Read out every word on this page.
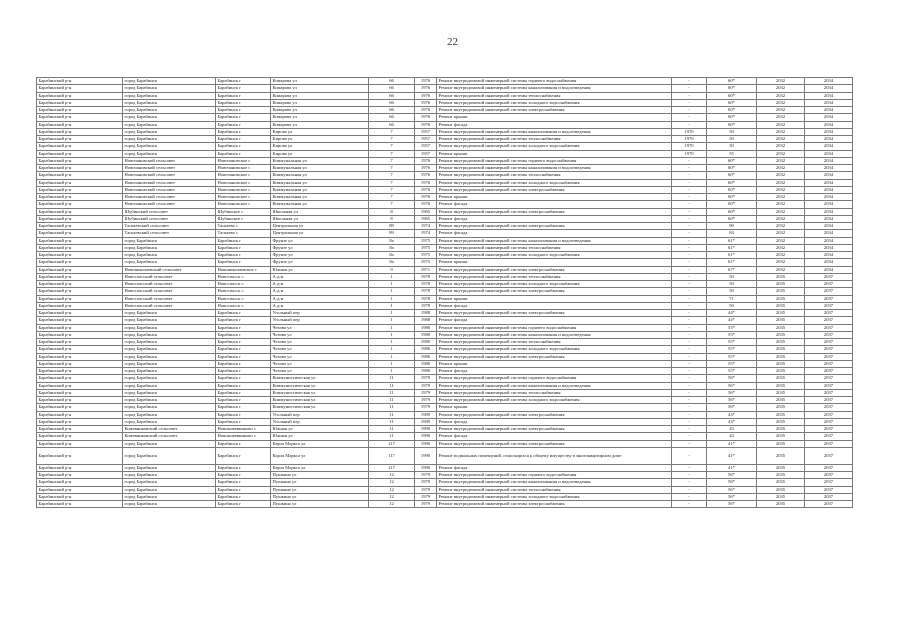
22
Барабинский р-н	город Барабинск	Барабинск г	Комарова ул	66	1976	Ремонт внутридомовой инженерной системы горячего водоснабжения	-	60*	2032	2034
Барабинский р-н	город Барабинск	Барабинск г	Комарова ул	66	1976	Ремонт внутридомовой инженерной системы канализования и водоотведения	-	60*	2032	2034
Барабинский р-н	город Барабинск	Барабинск г	Комарова ул	66	1976	Ремонт внутридомовой инженерной системы теплоснабжения	-	60*	2032	2034
Барабинский р-н	город Барабинск	Барабинск г	Комарова ул	66	1976	Ремонт внутридомовой инженерной системы холодного водоснабжения	-	60*	2032	2034
Барабинский р-н	город Барабинск	Барабинск г	Комарова ул	66	1976	Ремонт внутридомовой инженерной системы электроснабжения	-	60*	2032	2034
Барабинский р-н	город Барабинск	Барабинск г	Комарова ул	66	1976	Ремонт крыши	-	60*	2032	2034
Барабинский р-н	город Барабинск	Барабинск г	Комарова ул	66	1976	Ремонт фасада	-	60*	2032	2034
Барабинский р-н	город Барабинск	Барабинск г	Кирова ул	7	1957	Ремонт внутридомовой инженерной системы канализования и водоотведения	1970	50	2032	2034
Барабинский р-н	город Барабинск	Барабинск г	Кирова ул	7	1957	Ремонт внутридомовой инженерной системы теплоснабжения	1970	50	2032	2034
Барабинский р-н	город Барабинск	Барабинск г	Кирова ул	7	1957	Ремонт внутридомовой инженерной системы холодного водоснабжения	1970	50	2032	2034
Барабинский р-н	город Барабинск	Барабинск г	Кирова ул	7	1957	Ремонт крыши	1970	55	2032	2034
Барабинский р-н	Новочановский сельсовет	Новочановское с	Коммунальная ул	7	1976	Ремонт внутридомовой инженерной системы горячего водоснабжения	-	60*	2032	2034
Барабинский р-н	Новочановский сельсовет	Новочановское с	Коммунальная ул	7	1976	Ремонт внутридомовой инженерной системы канализования и водоотведения	-	60*	2032	2034
Барабинский р-н	Новочановский сельсовет	Новочановское с	Коммунальная ул	7	1976	Ремонт внутридомовой инженерной системы теплоснабжения	-	60*	2032	2034
Барабинский р-н	Новочановский сельсовет	Новочановское с	Коммунальная ул	7	1976	Ремонт внутридомовой инженерной системы холодного водоснабжения	-	60*	2032	2034
Барабинский р-н	Новочановский сельсовет	Новочановское с	Коммунальная ул	7	1976	Ремонт внутридомовой инженерной системы электроснабжения	-	60*	2032	2034
Барабинский р-н	Новочановский сельсовет	Новочановское с	Коммунальная ул	7	1976	Ремонт крыши	-	60*	2032	2034
Барабинский р-н	Новочановский сельсовет	Новочановское с	Коммунальная ул	7	1976	Ремонт фасада	-	60*	2032	2034
Барабинский р-н	Шубинский сельсовет	Шубинское с	Школьная ул	8	1965	Ремонт внутридомовой инженерной системы электроснабжения	-	60*	2032	2034
Барабинский р-н	Шубинский сельсовет	Шубинское с	Школьная ул	8	1965	Ремонт фасада	-	60*	2032	2034
Барабинский р-н	Таскаевский сельсовет	Таскаево с	Центральная ул	89	1974	Ремонт внутридомовой инженерной системы электроснабжения	-	90	2032	2034
Барабинский р-н	Таскаевский сельсовет	Таскаево с	Центральная ул	89	1974	Ремонт фасада	-	84	2032	2034
Барабинский р-н	город Барабинск	Барабинск г	Фрунзе ул	8а	1975	Ремонт внутридомовой инженерной системы канализования и водоотведения	-	61*	2032	2034
Барабинский р-н	город Барабинск	Барабинск г	Фрунзе ул	8а	1975	Ремонт внутридомовой инженерной системы теплоснабжения	-	61*	2032	2034
Барабинский р-н	город Барабинск	Барабинск г	Фрунзе ул	8а	1975	Ремонт внутридомовой инженерной системы холодного водоснабжения	-	61*	2032	2034
Барабинский р-н	город Барабинск	Барабинск г	Фрунзе ул	8а	1975	Ремонт крыши	-	61*	2032	2034
Барабинский р-н	Новониколаевский сельсовет	Новониколаевское с	Южная ул	9	1971	Ремонт внутридомовой инженерной системы электроснабжения	-	67*	2032	2034
Барабинский р-н	Новоспасский сельсовет	Новоспасск с	А.д-н	1	1978	Ремонт внутридомовой инженерной системы теплоснабжения	-	50	2035	2037
Барабинский р-н	Новоспасский сельсовет	Новоспасск с	А.д-н	1	1978	Ремонт внутридомовой инженерной системы холодного водоснабжения	-	50	2035	2037
Барабинский р-н	Новоспасский сельсовет	Новоспасск с	А.д-н	1	1978	Ремонт внутридомовой инженерной системы электроснабжения	-	50	2035	2037
Барабинский р-н	Новоспасский сельсовет	Новоспасск с	А.д-н	1	1978	Ремонт крыши	-	71	2035	2037
Барабинский р-н	Новоспасский сельсовет	Новоспасск с	А.д-н	1	1978	Ремонт фасада	-	50	2035	2037
Барабинский р-н	город Барабинск	Барабинск г	Угольный пер	1	1988	Ремонт внутридомовой инженерной системы электроснабжения	-	44*	2035	2037
Барабинский р-н	город Барабинск	Барабинск г	Угольный пер	1	1988	Ремонт фасада	-	44*	2035	2037
Барабинский р-н	город Барабинск	Барабинск г	Чехова ул	1	1980	Ремонт внутридомовой инженерной системы горячего водоснабжения	-	55*	2035	2037
Барабинский р-н	город Барабинск	Барабинск г	Чехова ул	1	1980	Ремонт внутридомовой инженерной системы канализования и водоотведения	-	55*	2035	2037
Барабинский р-н	город Барабинск	Барабинск г	Чехова ул	1	1980	Ремонт внутридомовой инженерной системы теплоснабжения	-	55*	2035	2037
Барабинский р-н	город Барабинск	Барабинск г	Чехова ул	1	1980	Ремонт внутридомовой инженерной системы холодного водоснабжения	-	55*	2035	2037
Барабинский р-н	город Барабинск	Барабинск г	Чехова ул	1	1980	Ремонт внутридомовой инженерной системы электроснабжения	-	55*	2035	2037
Барабинский р-н	город Барабинск	Барабинск г	Чехова ул	1	1980	Ремонт крыши	-	55*	2035	2037
Барабинский р-н	город Барабинск	Барабинск г	Чехова ул	1	1980	Ремонт фасада	-	55*	2035	2037
Барабинский р-н	город Барабинск	Барабинск г	Коммунистическая ул	11	1979	Ремонт внутридомовой инженерной системы горячего водоснабжения	-	56*	2035	2037
Барабинский р-н	город Барабинск	Барабинск г	Коммунистическая ул	11	1979	Ремонт внутридомовой инженерной системы канализования и водоотведения	-	56*	2035	2037
Барабинский р-н	город Барабинск	Барабинск г	Коммунистическая ул	11	1979	Ремонт внутридомовой инженерной системы теплоснабжения	-	56*	2035	2037
Барабинский р-н	город Барабинск	Барабинск г	Коммунистическая ул	11	1979	Ремонт внутридомовой инженерной системы холодного водоснабжения	-	56*	2035	2037
Барабинский р-н	город Барабинск	Барабинск г	Коммунистическая ул	11	1979	Ремонт крыши	-	56*	2035	2037
Барабинский р-н	город Барабинск	Барабинск г	Угольный пер	11	1989	Ремонт внутридомовой инженерной системы электроснабжения	-	43*	2035	2037
Барабинский р-н	город Барабинск	Барабинск г	Угольный пер	11	1989	Ремонт фасада	-	43*	2035	2037
Барабинский р-н	Кожевниковский сельсовет	Новокожевниково с	Южная ул	11	1990	Ремонт внутридомовой инженерной системы электроснабжения	-	43	2035	2037
Барабинский р-н	Кожевниковский сельсовет	Новокожевниково с	Южная ул	11	1990	Ремонт фасада	-	43	2035	2037
Барабинский р-н	город Барабинск	Барабинск г	Карла Маркса ул	117	1990	Ремонт внутридомовой инженерной системы электроснабжения	-	41*	2035	2037
Барабинский р-н	город Барабинск	Барабинск г	Карла Маркса ул	117	1990	Ремонт подвальных помещений, относящихся к общему имуществу в многоквартирном доме	-	41*	2035	2037
Барабинский р-н	город Барабинск	Барабинск г	Карла Маркса ул	117	1990	Ремонт фасада	-	41*	2035	2037
Барабинский р-н	город Барабинск	Барабинск г	Пушкина ул	12	1979	Ремонт внутридомовой инженерной системы горячего водоснабжения	-	56*	2035	2037
Барабинский р-н	город Барабинск	Барабинск г	Пушкина ул	12	1979	Ремонт внутридомовой инженерной системы канализования и водоотведения	-	56*	2035	2037
Барабинский р-н	город Барабинск	Барабинск г	Пушкина ул	12	1979	Ремонт внутридомовой инженерной системы теплоснабжения	-	56*	2035	2037
Барабинский р-н	город Барабинск	Барабинск г	Пушкина ул	12	1979	Ремонт внутридомовой инженерной системы холодного водоснабжения	-	56*	2035	2037
Барабинский р-н	город Барабинск	Барабинск г	Пушкина ул	12	1979	Ремонт внутридомовой инженерной системы электроснабжения	-	56*	2035	2037
